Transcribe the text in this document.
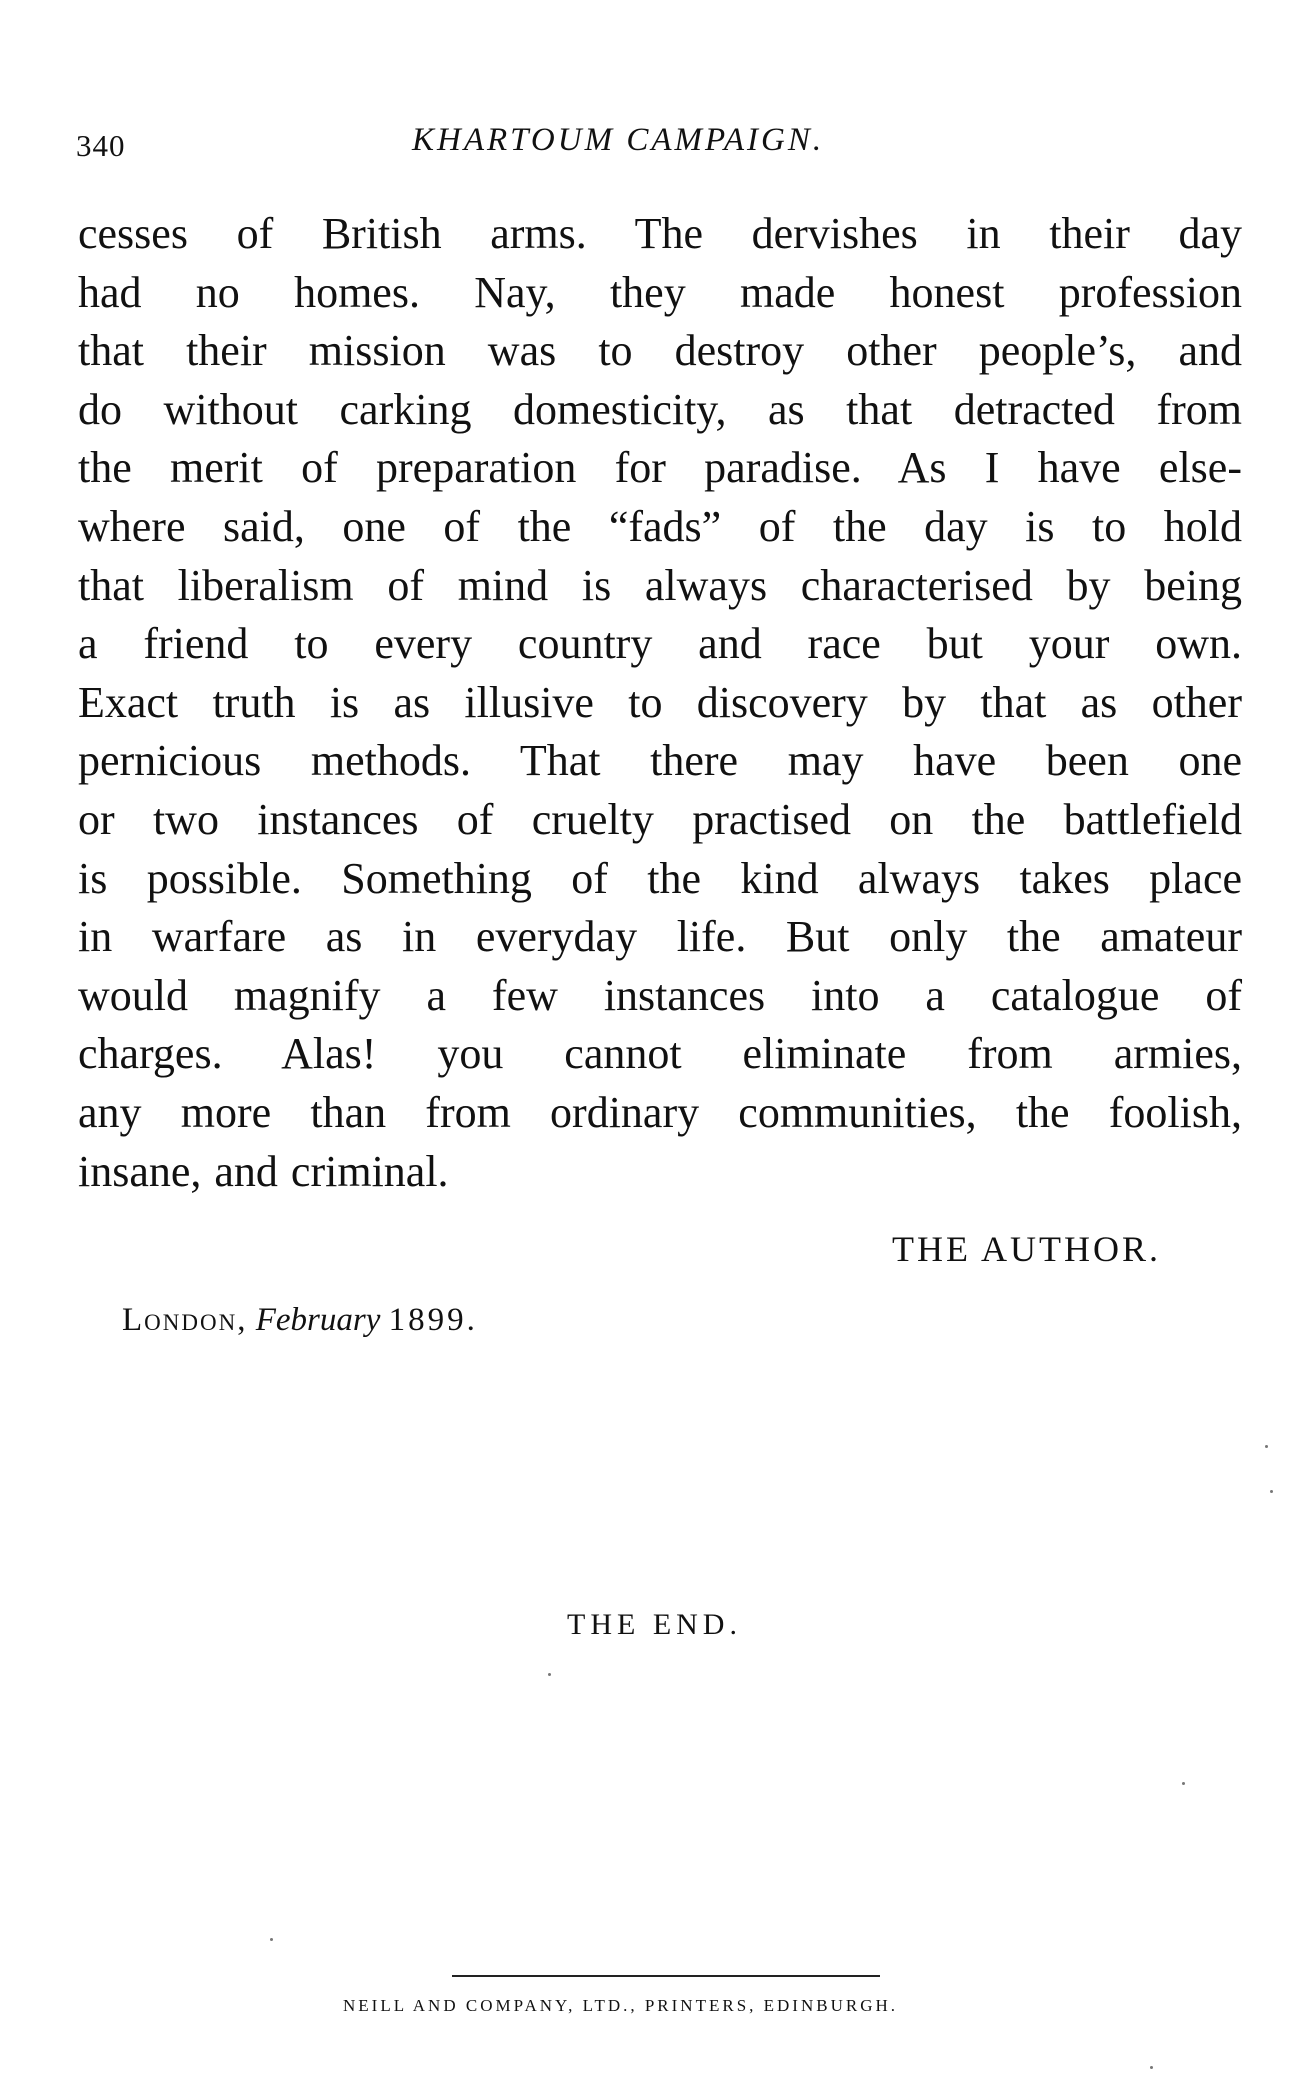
340	KHARTOUM CAMPAIGN.
cesses of British arms. The dervishes in their day
had no homes. Nay, they made honest profession
that their mission was to destroy other people’s, and
do without carking domesticity, as that detracted from
the merit of preparation for paradise. As I have else-
where said, one of the “fads” of the day is to hold
that liberalism of mind is always characterised by being
a friend to every country and race but your own.
Exact truth is as illusive to discovery by that as other
pernicious methods. That there may have been one
or two instances of cruelty practised on the battlefield
is possible. Something of the kind always takes place
in warfare as in everyday life. But only the amateur
would magnify a few instances into a catalogue of
charges. Alas! you cannot eliminate from armies,
any more than from ordinary communities, the foolish,
insane, and criminal.
THE AUTHOR.
London, February 1899.
THE END.
NEILL AND COMPANY, LTD., PRINTERS, EDINBURGH.
